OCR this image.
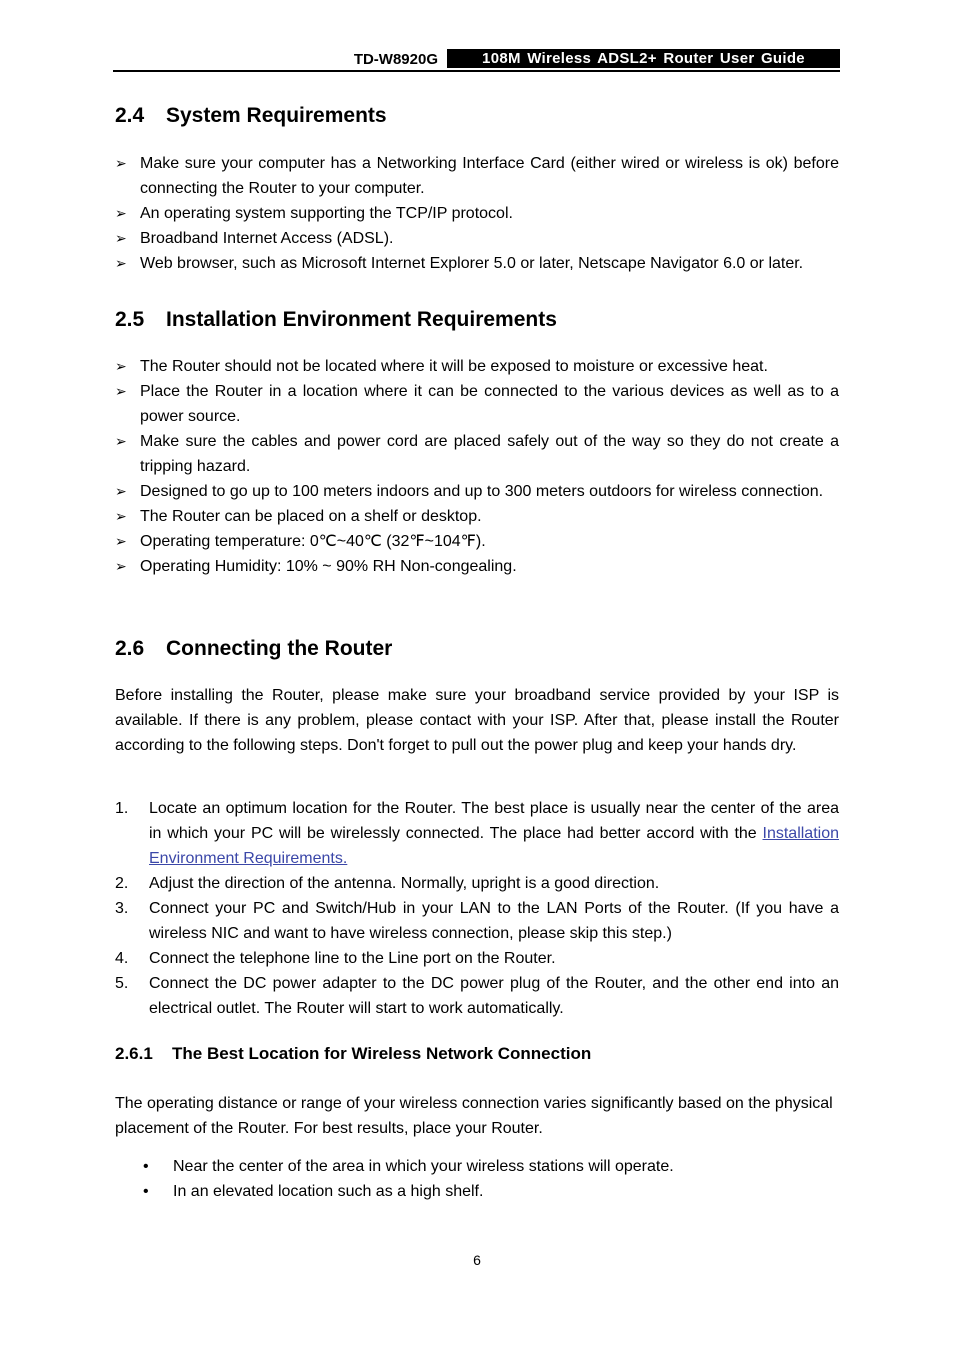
TD-W8920G	108M Wireless ADSL2+ Router User Guide
2.4 System Requirements
➢ Make sure your computer has a Networking Interface Card (either wired or wireless is ok) before connecting the Router to your computer.
➢ An operating system supporting the TCP/IP protocol.
➢ Broadband Internet Access (ADSL).
➢ Web browser, such as Microsoft Internet Explorer 5.0 or later, Netscape Navigator 6.0 or later.
2.5 Installation Environment Requirements
➢ The Router should not be located where it will be exposed to moisture or excessive heat.
➢ Place the Router in a location where it can be connected to the various devices as well as to a power source.
➢ Make sure the cables and power cord are placed safely out of the way so they do not create a tripping hazard.
➢ Designed to go up to 100 meters indoors and up to 300 meters outdoors for wireless connection.
➢ The Router can be placed on a shelf or desktop.
➢ Operating temperature: 0℃~40℃ (32℉~104℉).
➢ Operating Humidity: 10% ~ 90% RH Non-congealing.
2.6 Connecting the Router

Before installing the Router, please make sure your broadband service provided by your ISP is available. If there is any problem, please contact with your ISP. After that, please install the Router according to the following steps. Don't forget to pull out the power plug and keep your hands dry.

1. Locate an optimum location for the Router. The best place is usually near the center of the area in which your PC will be wirelessly connected. The place had better accord with the Installation Environment Requirements.
2. Adjust the direction of the antenna. Normally, upright is a good direction.
3. Connect your PC and Switch/Hub in your LAN to the LAN Ports of the Router. (If you have a wireless NIC and want to have wireless connection, please skip this step.)
4. Connect the telephone line to the Line port on the Router.
5. Connect the DC power adapter to the DC power plug of the Router, and the other end into an electrical outlet. The Router will start to work automatically.
2.6.1 The Best Location for Wireless Network Connection

The operating distance or range of your wireless connection varies significantly based on the physical placement of the Router. For best results, place your Router.

• Near the center of the area in which your wireless stations will operate.
• In an elevated location such as a high shelf.
6
